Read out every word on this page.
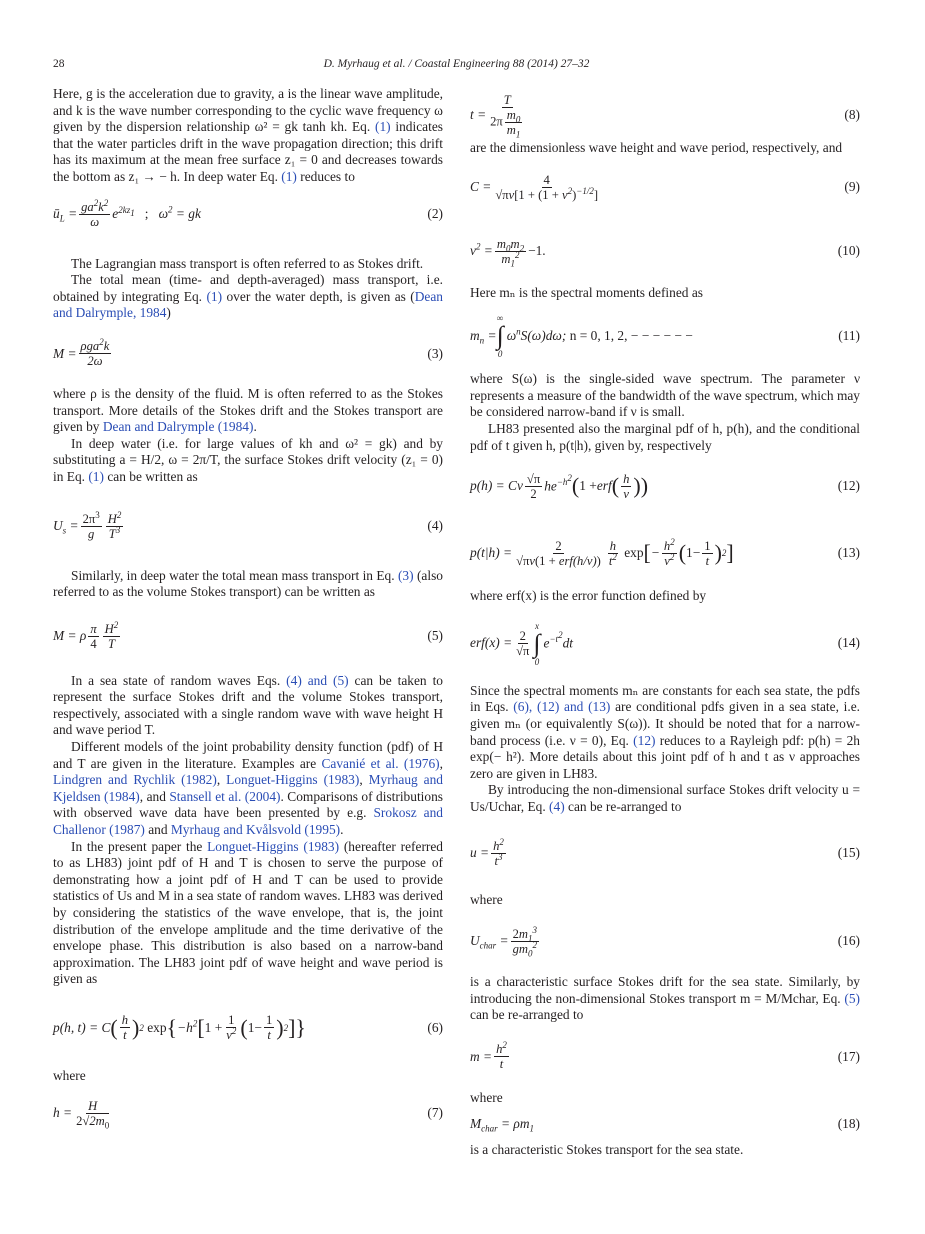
28	D. Myrhaug et al. / Coastal Engineering 88 (2014) 27–32

Here, g is the acceleration due to gravity, a is the linear wave amplitude, and k is the wave number corresponding to the cyclic wave frequency ω given by the dispersion relationship ω² = gk tanh kh. Eq. (1) indicates that the water particles drift in the wave propagation direction; this drift has its maximum at the mean free surface z₁ = 0 and decreases towards the bottom as z₁ → − h. In deep water Eq. (1) reduces to

$ū_L = \frac{ga^2k^2}{\omega} e^{2kz_1}$ ; $\omega^2$ = gk	(2)

The Lagrangian mass transport is often referred to as Stokes drift.

The total mean (time- and depth-averaged) mass transport, i.e. obtained by integrating Eq. (1) over the water depth, is given as (Dean and Dalrymple, 1984)

$M = \frac{\rho ga^2k}{2\omega}$	(3)

where ρ is the density of the fluid. M is often referred to as the Stokes transport. More details of the Stokes drift and the Stokes transport are given by Dean and Dalrymple (1984).

In deep water (i.e. for large values of kh and ω² = gk) and by substituting a = H/2, ω = 2π/T, the surface Stokes drift velocity (z₁ = 0) in Eq. (1) can be written as

$U_s = \frac{2\pi^3}{g} \frac{H^2}{T^3}$	(4)

Similarly, in deep water the total mean mass transport in Eq. (3) (also referred to as the volume Stokes transport) can be written as

M = ρ $\frac{\pi}{4} \frac{H^2}{T}$	(5)

In a sea state of random waves Eqs. (4) and (5) can be taken to represent the surface Stokes drift and the volume Stokes transport, respectively, associated with a single random wave with wave height H and wave period T.

Different models of the joint probability density function (pdf) of H and T are given in the literature. Examples are Cavanié et al. (1976), Lindgren and Rychlik (1982), Longuet-Higgins (1983), Myrhaug and Kjeldsen (1984), and Stansell et al. (2004). Comparisons of distributions with observed wave data have been presented by e.g. Srokosz and Challenor (1987) and Myrhaug and Kvålsvold (1995).

In the present paper the Longuet-Higgins (1983) (hereafter referred to as LH83) joint pdf of H and T is chosen to serve the purpose of demonstrating how a joint pdf of H and T can be used to provide statistics of Us and M in a sea state of random waves. LH83 was derived by considering the statistics of the wave envelope, that is, the joint distribution of the envelope amplitude and the time derivative of the envelope phase. This distribution is also based on a narrow-band approximation. The LH83 joint pdf of wave height and wave period is given as

p(h, t) = C ( $\frac{h}{t}$ ) 2 exp { $-h^2$ [ $1 + \frac{1}{\nu^2}$ ( $1- \frac{1}{t}$ ) 2 ] }	(6)

where

$h = \frac{H}{2√2m_0}$	(7)
$t = \frac{T}{2\pi \frac{m_0}{m_1}}$	(8)

are the dimensionless wave height and wave period, respectively, and

$C = \frac{4}{√\pi\nu[1 + (1 + \nu^2)^{-1/2}]}$	(9)
$\nu^2 = \frac{m_0m_2}{m_1^2} -1$.	(10)

Here mₙ is the spectral moments defined as

$m_n$ =
∞
∫
0
$\omega^nS(\omega)d\omega$; n = 0, 1, 2, − − − − − −	(11)

where S(ω) is the single-sided wave spectrum. The parameter ν represents a measure of the bandwidth of the wave spectrum, which may be considered narrow-band if ν is small.

LH83 presented also the marginal pdf of h, p(h), and the conditional pdf of t given h, p(t|h), given by, respectively

p(h) = Cν $\frac{√\pi}{2} he^{-h^2}$ ( 1 + erf ( $\frac{h}{\nu}$ ) )	(12)
$p(t|h) = \frac{2}{\text{√πν(1 + erf(h/ν))}} \frac{h}{t^2}$ exp [ − $\frac{h^2}{\nu^2}$ ( $1- \frac{1}{t}$ ) 2 ]	(13)

where erf(x) is the error function defined by

$erf(x) = \frac{2}{√\pi}$
x
∫
0
$e^{-t^2}dt$	(14)

Since the spectral moments mₙ are constants for each sea state, the pdfs in Eqs. (6), (12) and (13) are conditional pdfs given in a sea state, i.e. given mₙ (or equivalently S(ω)). It should be noted that for a narrow-band process (i.e. ν = 0), Eq. (12) reduces to a Rayleigh pdf: p(h) = 2h exp(− h²). More details about this joint pdf of h and t as ν approaches zero are given in LH83.

By introducing the non-dimensional surface Stokes drift velocity u = Us/Uchar, Eq. (4) can be re-arranged to

$u = \frac{h^2}{t^3}$	(15)

where

$U_{char} = \frac{2m_1^3}{gm_0^2}$	(16)

is a characteristic surface Stokes drift for the sea state. Similarly, by introducing the non-dimensional Stokes transport m = M/Mchar, Eq. (5) can be re-arranged to

$m = \frac{h^2}{t}$	(17)

where

$M_{char} = \rho m_1$	(18)

is a characteristic Stokes transport for the sea state.
